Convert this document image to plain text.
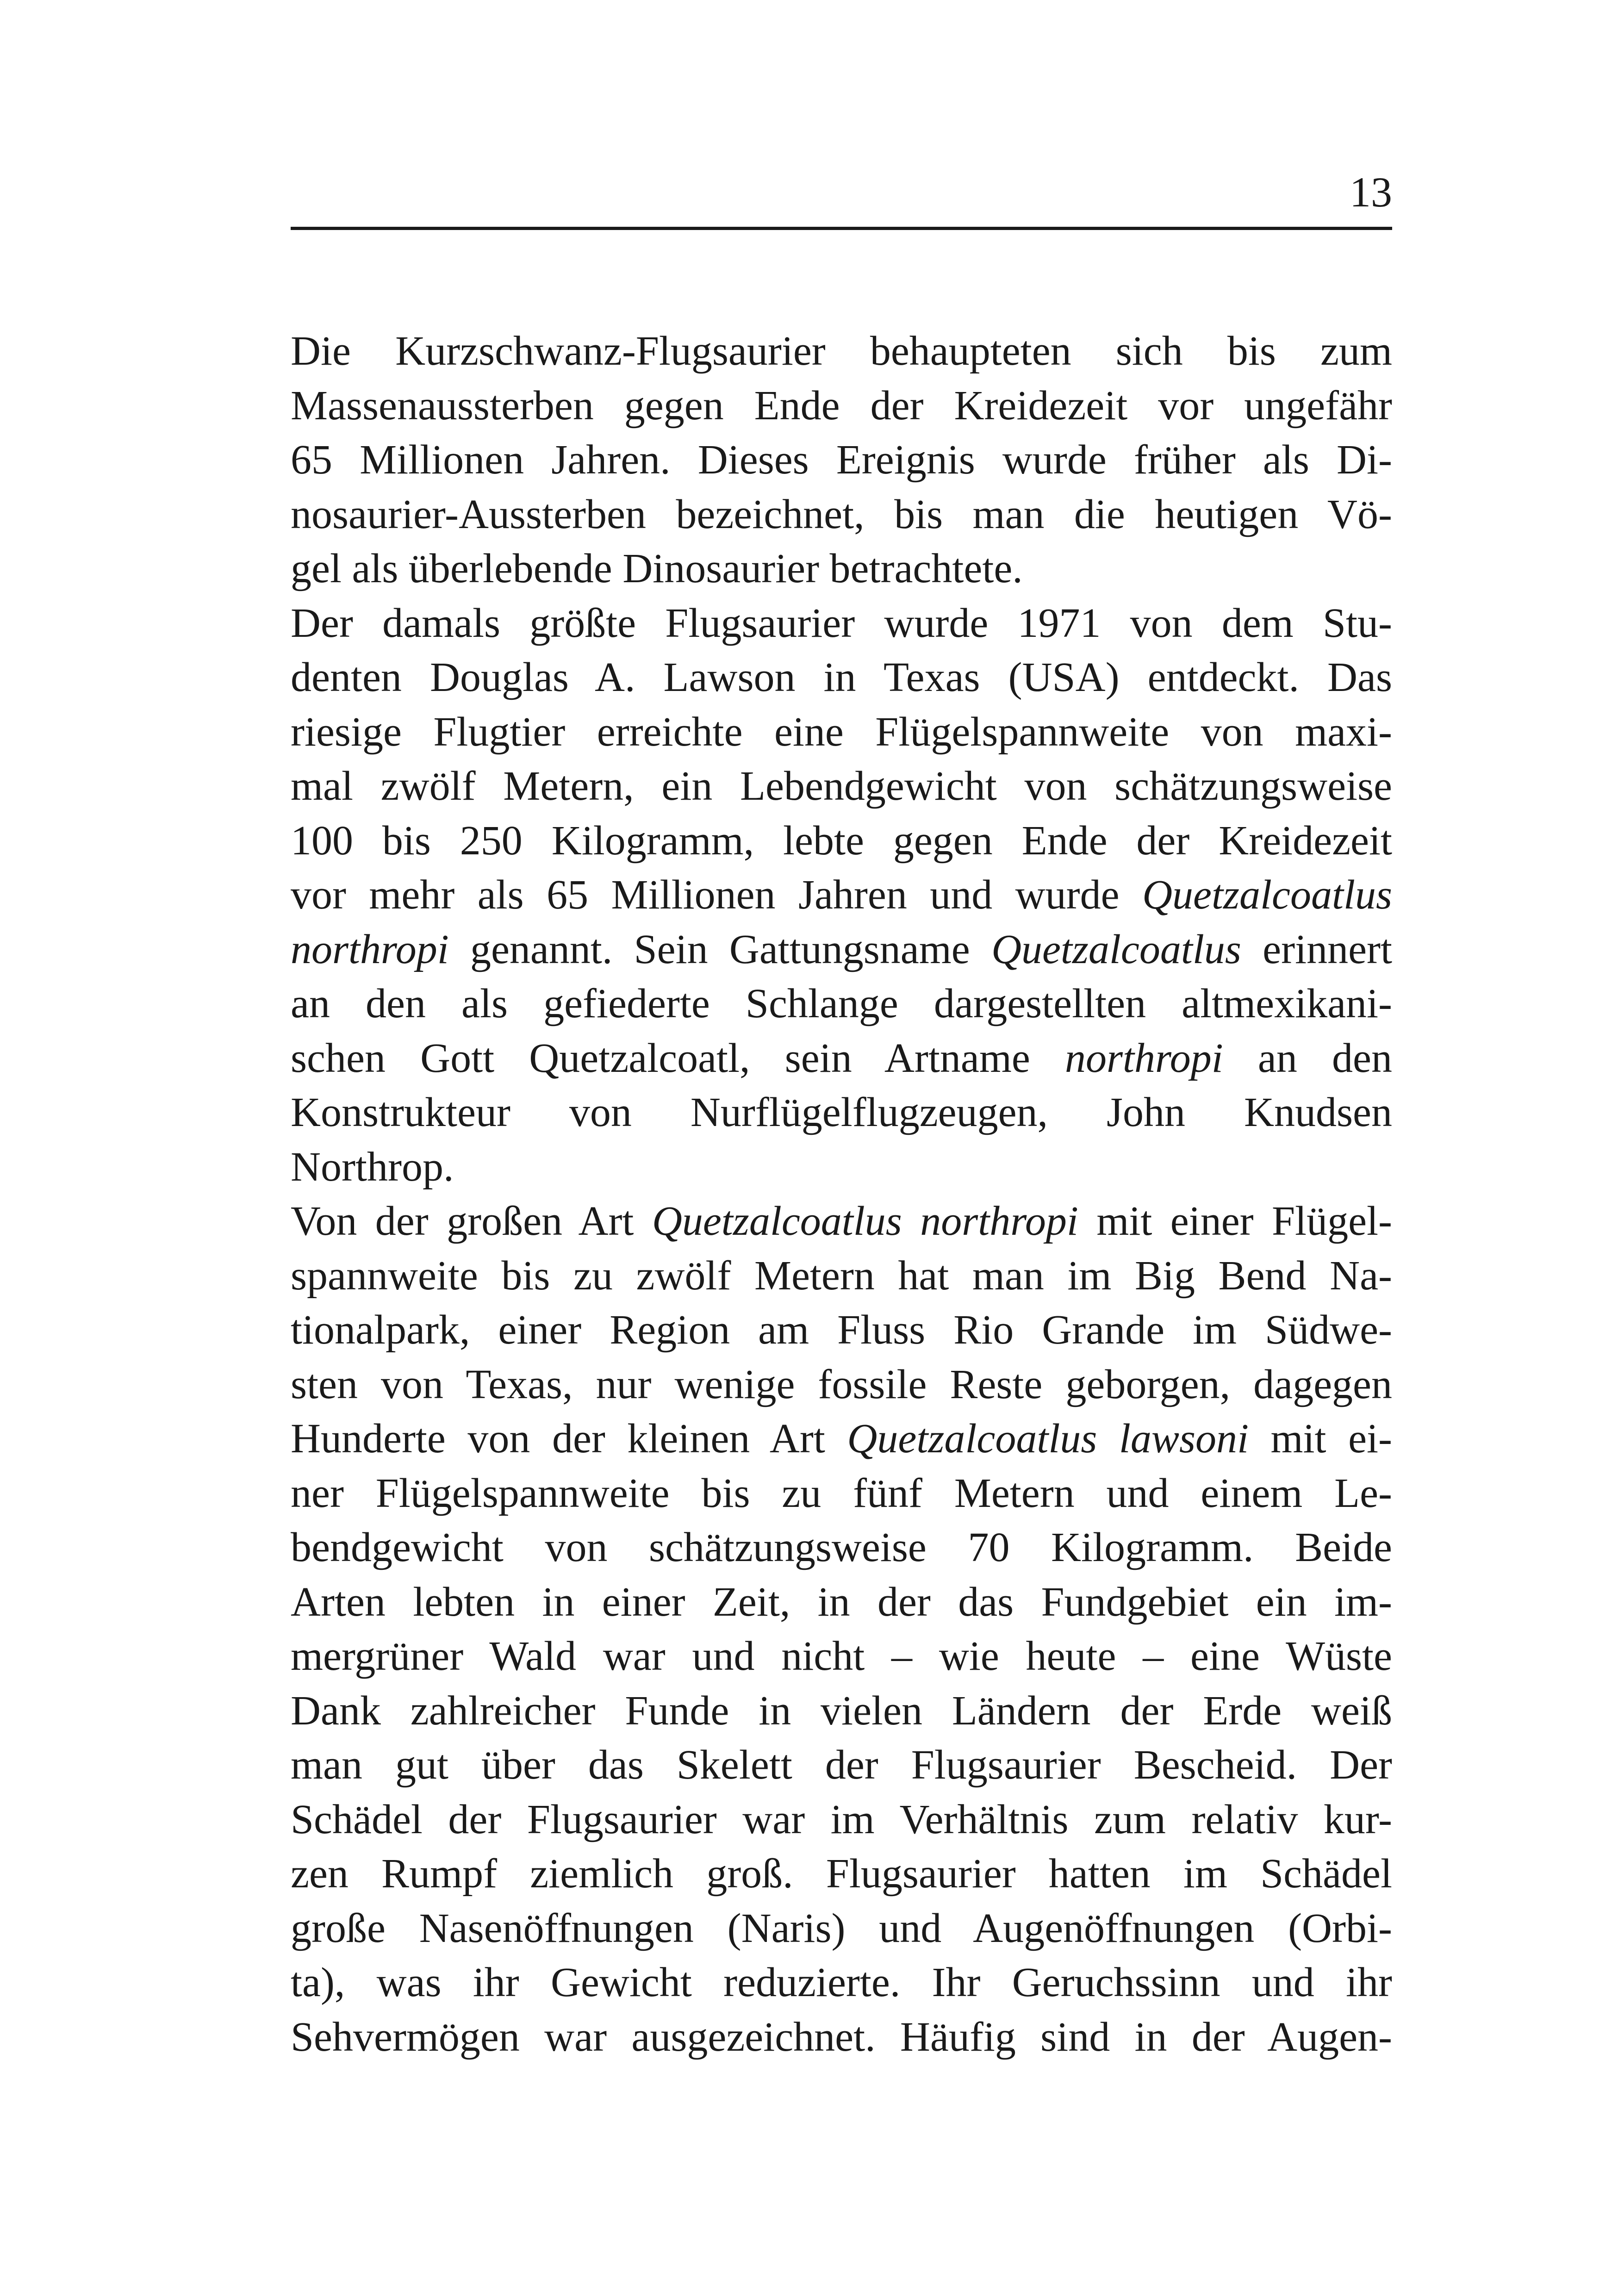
13
Die Kurzschwanz-Flugsaurier behaupteten sich bis zum
Massenaussterben gegen Ende der Kreidezeit vor ungefähr
65 Millionen Jahren. Dieses Ereignis wurde früher als Di-
nosaurier-Aussterben bezeichnet, bis man die heutigen Vö-
gel als überlebende Dinosaurier betrachtete.
Der damals größte Flugsaurier wurde 1971 von dem Stu-
denten Douglas A. Lawson in Texas (USA) entdeckt. Das
riesige Flugtier erreichte eine Flügelspannweite von maxi-
mal zwölf Metern, ein Lebendgewicht von schätzungsweise
100 bis 250 Kilogramm, lebte gegen Ende der Kreidezeit
vor mehr als 65 Millionen Jahren und wurde Quetzalcoatlus
northropi genannt. Sein Gattungsname Quetzalcoatlus erinnert
an den als gefiederte Schlange dargestellten altmexikani-
schen Gott Quetzalcoatl, sein Artname northropi an den
Konstrukteur von Nurflügelflugzeugen, John Knudsen
Northrop.
Von der großen Art Quetzalcoatlus northropi mit einer Flügel-
spannweite bis zu zwölf Metern hat man im Big Bend Na-
tionalpark, einer Region am Fluss Rio Grande im Südwe-
sten von Texas, nur wenige fossile Reste geborgen, dagegen
Hunderte von der kleinen Art Quetzalcoatlus lawsoni mit ei-
ner Flügelspannweite bis zu fünf Metern und einem Le-
bendgewicht von schätzungsweise 70 Kilogramm. Beide
Arten lebten in einer Zeit, in der das Fundgebiet ein im-
mergrüner Wald war und nicht – wie heute – eine Wüste
Dank zahlreicher Funde in vielen Ländern der Erde weiß
man gut über das Skelett der Flugsaurier Bescheid. Der
Schädel der Flugsaurier war im Verhältnis zum relativ kur-
zen Rumpf ziemlich groß. Flugsaurier hatten im Schädel
große Nasenöffnungen (Naris) und Augenöffnungen (Orbi-
ta), was ihr Gewicht reduzierte. Ihr Geruchssinn und ihr
Sehvermögen war ausgezeichnet. Häufig sind in der Augen-
